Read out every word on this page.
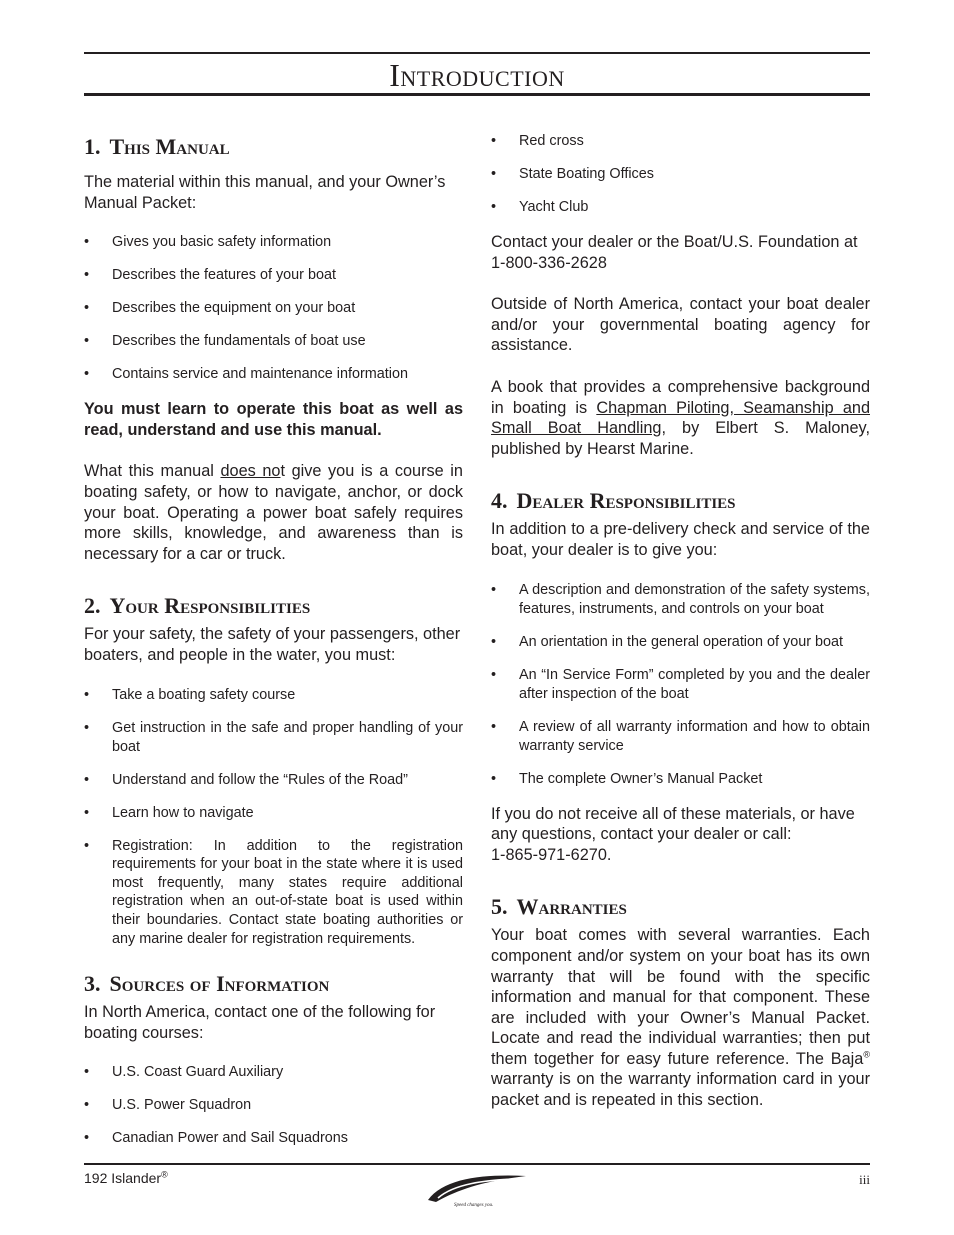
Introduction
1. This Manual

The material within this manual, and your Owner’s Manual Packet:

• Gives you basic safety information
• Describes the features of your boat
• Describes the equipment on your boat
• Describes the fundamentals of boat use
• Contains service and maintenance information

You must learn to operate this boat as well as read, understand and use this manual.

What this manual does not give you is a course in boating safety, or how to navigate, anchor, or dock your boat. Operating a power boat safely requires more skills, knowledge, and awareness than is necessary for a car or truck.

2. Your Responsibilities

For your safety, the safety of your passengers, other boaters, and people in the water, you must:

• Take a boating safety course
• Get instruction in the safe and proper handling of your boat
• Understand and follow the “Rules of the Road”
• Learn how to navigate
• Registration: In addition to the registration requirements for your boat in the state where it is used most frequently, many states require additional registration when an out-of-state boat is used within their boundaries. Contact state boating authorities or any marine dealer for registration requirements.
3. Sources of Information

In North America, contact one of the following for boating courses:

• U.S. Coast Guard Auxiliary
• U.S. Power Squadron
• Canadian Power and Sail Squadrons
• Red cross
• State Boating Offices
• Yacht Club

Contact your dealer or the Boat/U.S. Foundation at 1-800-336-2628

Outside of North America, contact your boat dealer and/or your governmental boating agency for assistance.

A book that provides a comprehensive background in boating is Chapman Piloting, Seamanship and Small Boat Handling, by Elbert S. Maloney, published by Hearst Marine.

4. Dealer Responsibilities

In addition to a pre-delivery check and service of the boat, your dealer is to give you:

• A description and demonstration of the safety systems, features, instruments, and controls on your boat
• An orientation in the general operation of your boat
• An “In Service Form” completed by you and the dealer after inspection of the boat
• A review of all warranty information and how to obtain warranty service
• The complete Owner’s Manual Packet

If you do not receive all of these materials, or have any questions, contact your dealer or call:

1-865-971-6270.

5. Warranties

Your boat comes with several warranties. Each component and/or system on your boat has its own warranty that will be found with the specific information and manual for that component. These are included with your Owner’s Manual Packet. Locate and read the individual warranties; then put them together for easy future reference. The Baja® warranty is on the warranty information card in your packet and is repeated in this section.

192 Islander®
Speed changes you.
iii
